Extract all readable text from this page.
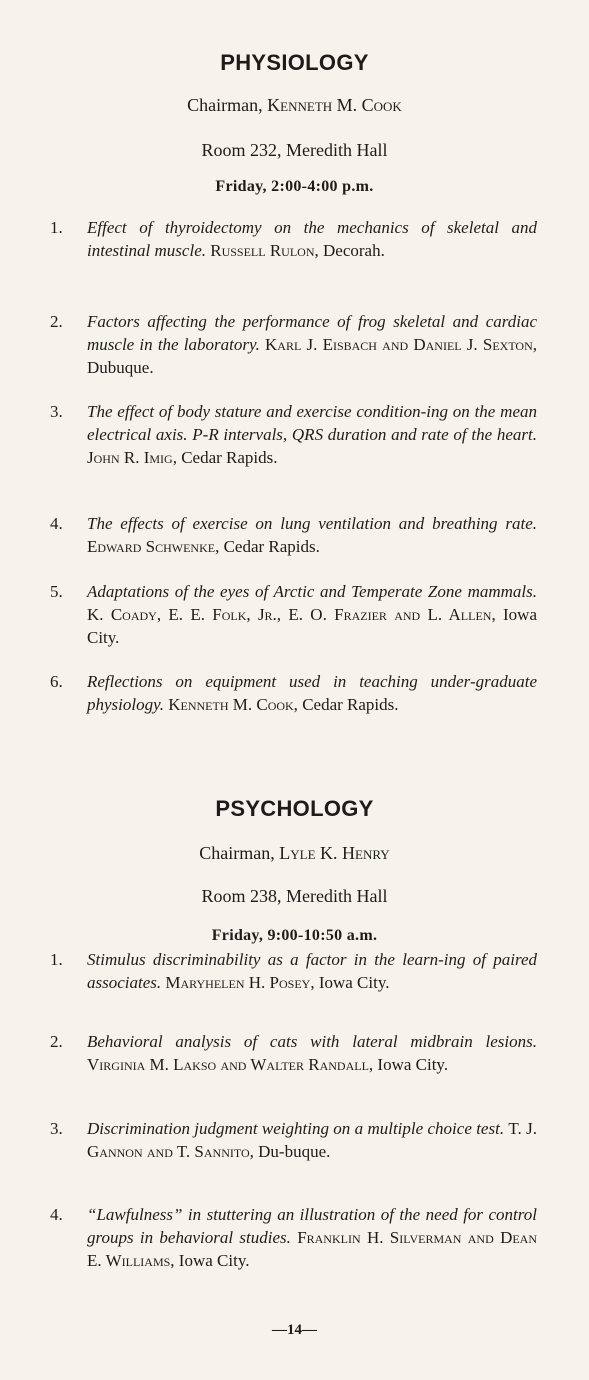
PHYSIOLOGY
Chairman, Kenneth M. Cook
Room 232, Meredith Hall
Friday, 2:00-4:00 p.m.
1. Effect of thyroidectomy on the mechanics of skeletal and intestinal muscle. Russell Rulon, Decorah.
2. Factors affecting the performance of frog skeletal and cardiac muscle in the laboratory. Karl J. Eisbach and Daniel J. Sexton, Dubuque.
3. The effect of body stature and exercise condition-ing on the mean electrical axis. P-R intervals, QRS duration and rate of the heart. John R. Imig, Cedar Rapids.
4. The effects of exercise on lung ventilation and breathing rate. Edward Schwenke, Cedar Rapids.
5. Adaptations of the eyes of Arctic and Temperate Zone mammals. K. Coady, E. E. Folk, Jr., E. O. Frazier and L. Allen, Iowa City.
6. Reflections on equipment used in teaching under-graduate physiology. Kenneth M. Cook, Cedar Rapids.
PSYCHOLOGY
Chairman, Lyle K. Henry
Room 238, Meredith Hall
Friday, 9:00-10:50 a.m.
1. Stimulus discriminability as a factor in the learn-ing of paired associates. Maryhelen H. Posey, Iowa City.
2. Behavioral analysis of cats with lateral midbrain lesions. Virginia M. Lakso and Walter Randall, Iowa City.
3. Discrimination judgment weighting on a multiple choice test. T. J. Gannon and T. Sannito, Du-buque.
4. “Lawfulness” in stuttering an illustration of the need for control groups in behavioral studies. Franklin H. Silverman and Dean E. Williams, Iowa City.
—14—
